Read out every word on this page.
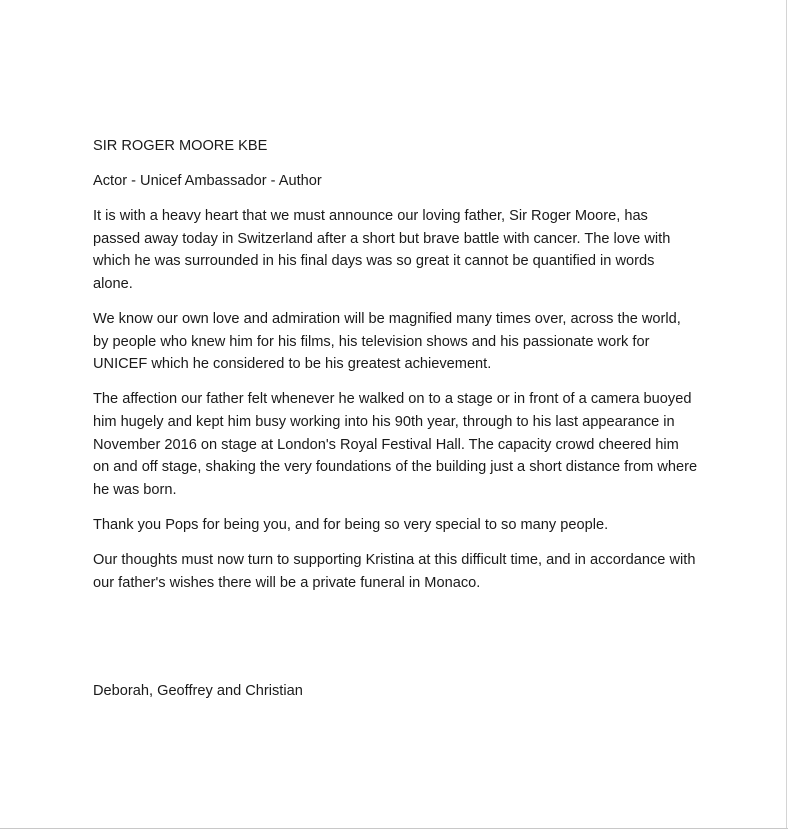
SIR ROGER MOORE KBE

Actor - Unicef Ambassador - Author

It is with a heavy heart that we must announce our loving father, Sir Roger Moore, has passed away today in Switzerland after a short but brave battle with cancer. The love with which he was surrounded in his final days was so great it cannot be quantified in words alone.

We know our own love and admiration will be magnified many times over, across the world, by people who knew him for his films, his television shows and his passionate work for UNICEF which he considered to be his greatest achievement.

The affection our father felt whenever he walked on to a stage or in front of a camera buoyed him hugely and kept him busy working into his 90th year, through to his last appearance in November 2016 on stage at London's Royal Festival Hall. The capacity crowd cheered him on and off stage, shaking the very foundations of the building just a short distance from where he was born.

Thank you Pops for being you, and for being so very special to so many people.

Our thoughts must now turn to supporting Kristina at this difficult time, and in accordance with our father's wishes there will be a private funeral in Monaco.

Deborah, Geoffrey and Christian
